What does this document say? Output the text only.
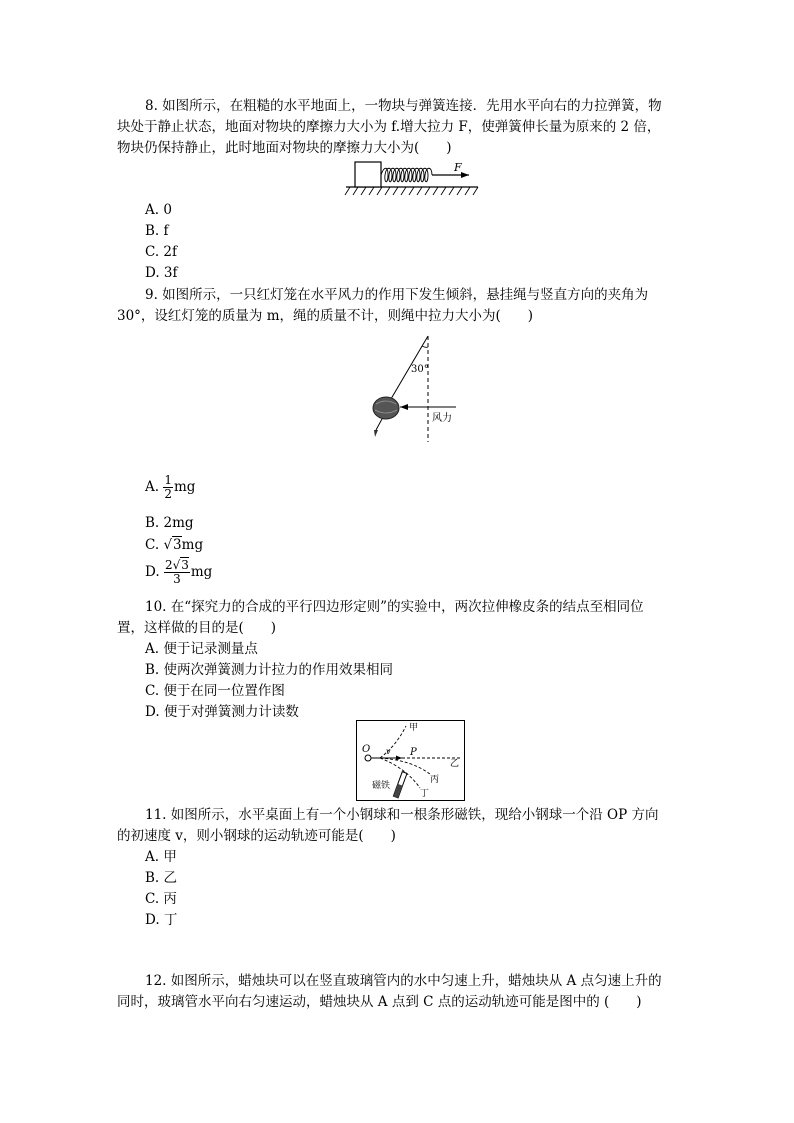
8. 如图所示，在粗糙的水平地面上，一物块与弹簧连接．先用水平向右的力拉弹簧，物
块处于静止状态，地面对物块的摩擦力大小为 f.增大拉力 F，使弹簧伸长量为原来的 2 倍，
物块仍保持静止，此时地面对物块的摩擦力大小为(　　)
F
A. 0
B. f
C. 2f
D. 3f
9. 如图所示，一只红灯笼在水平风力的作用下发生倾斜，悬挂绳与竖直方向的夹角为
30°，设红灯笼的质量为 m，绳的质量不计，则绳中拉力大小为(　　)
30°
风力
A. $\frac{1}{2}$ mg
B. 2mg
C. √3mg
D. $\frac{2√3}{3}$ mg
10. 在“探究力的合成的平行四边形定则”的实验中，两次拉伸橡皮条的结点至相同位
置，这样做的目的是(　　)
A. 便于记录测量点
B. 使两次弹簧测力计拉力的作用效果相同
C. 便于在同一位置作图
D. 便于对弹簧测力计读数
O v P
甲
乙
丙
丁
磁铁
11. 如图所示，水平桌面上有一个小钢球和一根条形磁铁，现给小钢球一个沿 OP 方向
的初速度 v，则小钢球的运动轨迹可能是(　　)
A. 甲
B. 乙
C. 丙
D. 丁
12. 如图所示，蜡烛块可以在竖直玻璃管内的水中匀速上升，蜡烛块从 A 点匀速上升的
同时，玻璃管水平向右匀速运动，蜡烛块从 A 点到 C 点的运动轨迹可能是图中的 (　　)
